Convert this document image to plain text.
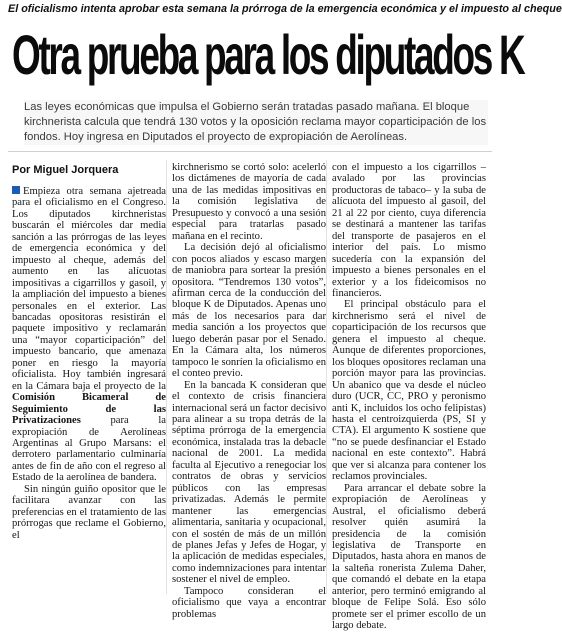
El oficialismo intenta aprobar esta semana la prórroga de la emergencia económica y el impuesto al cheque
Otra prueba para los diputados K
Las leyes económicas que impulsa el Gobierno serán tratadas pasado mañana. El bloque kirchnerista calcula que tendrá 130 votos y la oposición reclama mayor coparticipación de los fondos. Hoy ingresa en Diputados el proyecto de expropiación de Aerolíneas.
Por Miguel Jorquera

Empieza otra semana ajetreada para el oficialismo en el Congreso. Los diputados kirchneristas buscarán el miércoles dar media sanción a las prórrogas de las leyes de emergencia económica y del impuesto al cheque, además del aumento en las alícuotas impositivas a cigarrillos y gasoil, y la ampliación del impuesto a bienes personales en el exterior. Las bancadas opositoras resistirán el paquete impositivo y reclamarán una “mayor coparticipación” del impuesto bancario, que amenaza poner en riesgo la mayoría oficialista. Hoy también ingresará en la Cámara baja el proyecto de la Comisión Bicameral de Seguimiento de las Privatizaciones para la expropiación de Aerolíneas Argentinas al Grupo Marsans: el derrotero parlamentario culminaría antes de fin de año con el regreso al Estado de la aerolínea de bandera.

Sin ningún guiño opositor que le facilitara avanzar con las preferencias en el tratamiento de las prórrogas que reclame el Gobierno, el

kirchnerismo se cortó solo: acelerló los dictámenes de mayoría de cada una de las medidas impositivas en la comisión legislativa de Presupuesto y convocó a una sesión especial para tratarlas pasado mañana en el recinto.

La decisión dejó al oficialismo con pocos aliados y escaso margen de maniobra para sortear la presión opositora. “Tendremos 130 votos”, afirman cerca de la conducción del bloque K de Diputados. Apenas uno más de los necesarios para dar media sanción a los proyectos que luego deberán pasar por el Senado. En la Cámara alta, los números tampoco le sonríen la oficialismo en el conteo previo.

En la bancada K consideran que el contexto de crisis financiera internacional será un factor decisivo para alinear a su tropa detrás de la séptima prórroga de la emergencia económica, instalada tras la debacle nacional de 2001. La medida faculta al Ejecutivo a renegociar los contratos de obras y servicios públicos con las empresas privatizadas. Además le permite mantener las emergencias alimentaria, sanitaria y ocupacional, con el sostén de más de un millón de planes Jefas y Jefes de Hogar, y la aplicación de medidas especiales, como indemnizaciones para intentar sostener el nivel de empleo.

Tampoco consideran el oficialismo que vaya a encontrar problemas

con el impuesto a los cigarrillos –avalado por las provincias productoras de tabaco– y la suba de alícuota del impuesto al gasoil, del 21 al 22 por ciento, cuya diferencia se destinará a mantener las tarifas del transporte de pasajeros en el interior del país. Lo mismo sucedería con la expansión del impuesto a bienes personales en el exterior y a los fideicomisos no financieros.

El principal obstáculo para el kirchnerismo será el nivel de coparticipación de los recursos que genera el impuesto al cheque. Aunque de diferentes proporciones, los bloques opositores reclaman una porción mayor para las provincias. Un abanico que va desde el núcleo duro (UCR, CC, PRO y peronismo anti K, incluidos los ocho felipistas) hasta el centroizquierda (PS, SI y CTA). El argumento K sostiene que “no se puede desfinanciar el Estado nacional en este contexto”. Habrá que ver si alcanza para contener los reclamos provinciales.

Para arrancar el debate sobre la expropiación de Aerolíneas y Austral, el oficialismo deberá resolver quién asumirá la presidencia de la comisión legislativa de Transporte en Diputados, hasta ahora en manos de la salteña ronerista Zulema Daher, que comandó el debate en la etapa anterior, pero terminó emigrando al bloque de Felipe Solá. Eso sólo promete ser el primer escollo de un largo debate.
